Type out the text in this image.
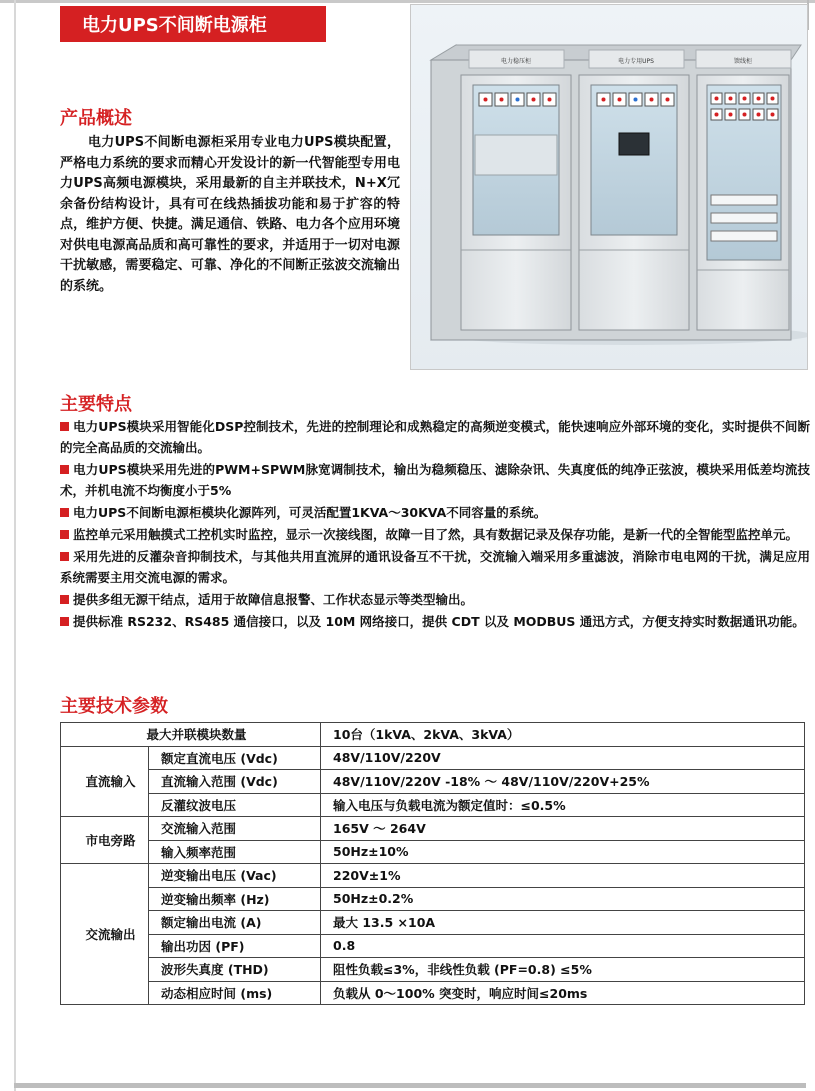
电力UPS不间断电源柜
产品概述

电力UPS不间断电源柜采用专业电力UPS模块配置，严格电力系统的要求而精心开发设计的新一代智能型专用电力UPS高频电源模块，采用最新的自主并联技术，N+X冗余备份结构设计，具有可在线热插拔功能和易于扩容的特点，维护方便、快捷。满足通信、铁路、电力各个应用环境对供电电源高品质和高可靠性的要求，并适用于一切对电源干扰敏感，需要稳定、可靠、净化的不间断正弦波交流输出的系统。

电力稳压柜	电力专用UPS	馈线柜
主要特点
电力UPS模块采用智能化DSP控制技术，先进的控制理论和成熟稳定的高频逆变模式，能快速响应外部环境的变化，实时提供不间断的完全高品质的交流输出。
电力UPS模块采用先进的PWM+SPWM脉宽调制技术，输出为稳频稳压、滤除杂讯、失真度低的纯净正弦波，模块采用低差均流技术，并机电流不均衡度小于5%
电力UPS不间断电源柜模块化源阵列，可灵活配置1KVA～30KVA不同容量的系统。
监控单元采用触摸式工控机实时监控，显示一次接线图，故障一目了然，具有数据记录及保存功能，是新一代的全智能型监控单元。
采用先进的反灌杂音抑制技术，与其他共用直流屏的通讯设备互不干扰，交流输入端采用多重滤波，消除市电电网的干扰，满足应用系统需要主用交流电源的需求。
提供多组无源干结点，适用于故障信息报警、工作状态显示等类型输出。
提供标准 RS232、RS485 通信接口，以及 10M 网络接口，提供 CDT 以及 MODBUS 通迅方式，方便支持实时数据通讯功能。
主要技术参数
最大并联模块数量		10台（1kVA、2kVA、3kVA）
直流输入	额定直流电压 (Vdc)	48V/110V/220V
	直流输入范围 (Vdc)	48V/110V/220V -18% ～ 48V/110V/220V+25%
	反灌纹波电压	输入电压与负载电流为额定值时：≤0.5%
市电旁路	交流输入范围	165V ～ 264V
	输入频率范围	50Hz±10%
交流输出	逆变输出电压 (Vac)	220V±1%
	逆变输出频率 (Hz)	50Hz±0.2%
	额定输出电流 (A)	最大 13.5 ×10A
	输出功因 (PF)	0.8
	波形失真度 (THD)	阻性负载≤3%，非线性负载 (PF=0.8) ≤5%
	动态相应时间 (ms)	负载从 0～100% 突变时，响应时间≤20ms
